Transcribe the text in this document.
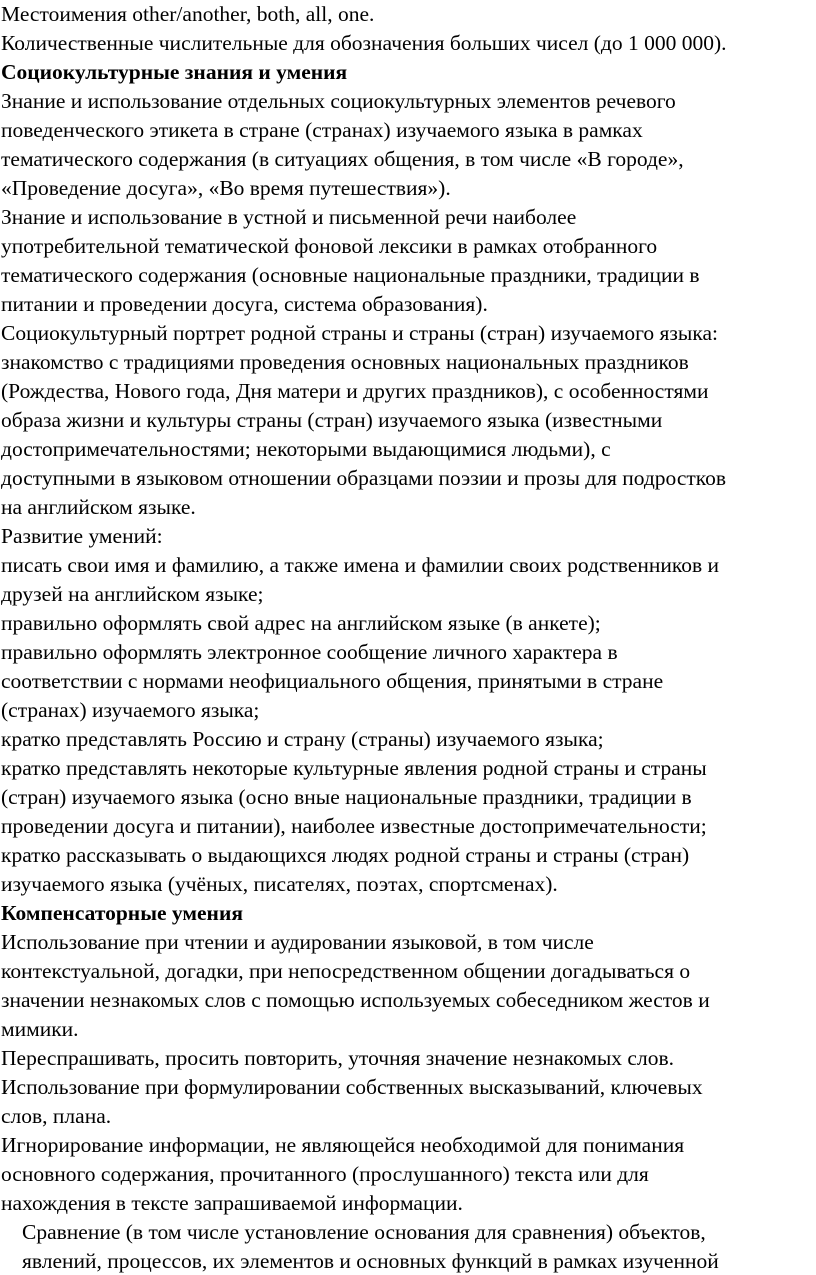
Местоимения other/another, both, all, one.
Количественные числительные для обозначения больших чисел (до 1 000 000).
Социокультурные знания и умения
Знание и использование отдельных социокультурных элементов речевого
поведенческого этикета в стране (странах) изучаемого языка в рамках
тематического содержания (в ситуациях общения, в том числе «В городе»,
«Проведение досуга», «Во время путешествия»).
Знание и использование в устной и письменной речи наиболее
употребительной тематической фоновой лексики в рамках отобранного
тематического содержания (основные национальные праздники, традиции в
питании и проведении досуга, система образования).
Социокультурный портрет родной страны и страны (стран) изучаемого языка:
знакомство с традициями проведения основных национальных праздников
(Рождества, Нового года, Дня матери и других праздников), с особенностями
образа жизни и культуры страны (стран) изучаемого языка (известными
достопримечательностями; некоторыми выдающимися людьми), с
доступными в языковом отношении образцами поэзии и прозы для подростков
на английском языке.
Развитие умений:
писать свои имя и фамилию, а также имена и фамилии своих родственников и
друзей на английском языке;
правильно оформлять свой адрес на английском языке (в анкете);
правильно оформлять электронное сообщение личного характера в
соответствии с нормами неофициального общения, принятыми в стране
(странах) изучаемого языка;
кратко представлять Россию и страну (страны) изучаемого языка;
кратко представлять некоторые культурные явления родной страны и страны
(стран) изучаемого языка (осно вные национальные праздники, традиции в
проведении досуга и питании), наиболее известные достопримечательности;
кратко рассказывать о выдающихся людях родной страны и страны (стран)
изучаемого языка (учёных, писателях, поэтах, спортсменах).
Компенсаторные умения
Использование при чтении и аудировании языковой, в том числе
контекстуальной, догадки, при непосредственном общении догадываться о
значении незнакомых слов с помощью используемых собеседником жестов и
мимики.
Переспрашивать, просить повторить, уточняя значение незнакомых слов.
Использование при формулировании собственных высказываний, ключевых
слов, плана.
Игнорирование информации, не являющейся необходимой для понимания
основного содержания, прочитанного (прослушанного) текста или для
нахождения в тексте запрашиваемой информации.
Сравнение (в том числе установление основания для сравнения) объектов,
явлений, процессов, их элементов и основных функций в рамках изученной
